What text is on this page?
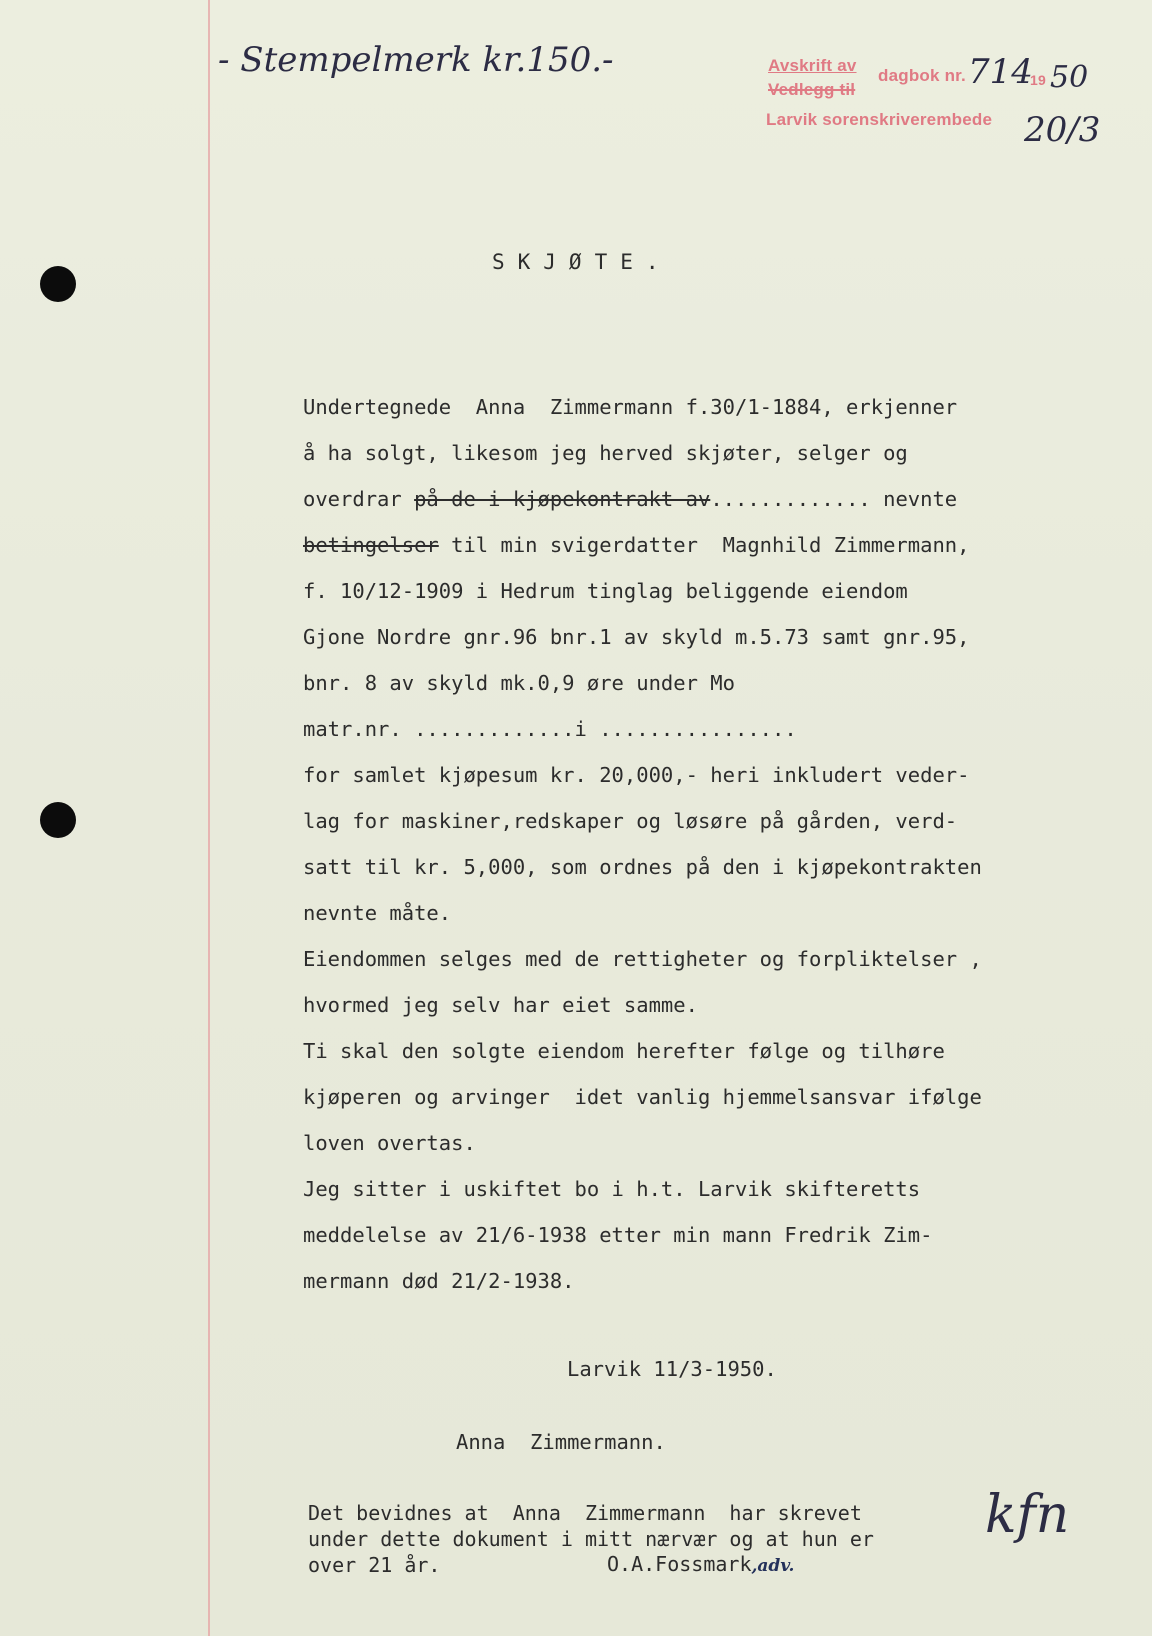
- Stempelmerk kr.150.-	Avskrift av
Vedlegg til
dagbok nr. 714
19 50
Larvik sorenskriverembede 20/3
SKJØTE.
Undertegnede  Anna  Zimmermann f.30/1-1884, erkjenner
å ha solgt, likesom jeg herved skjøter, selger og
overdrar på de i kjøpekontrakt av............. nevnte
betingelser til min svigerdatter  Magnhild Zimmermann,
f. 10/12-1909 i Hedrum tinglag beliggende eiendom
Gjone Nordre gnr.96 bnr.1 av skyld m.5.73 samt gnr.95,
bnr. 8 av skyld mk.0,9 øre under Mo
matr.nr. .............i ................
for samlet kjøpesum kr. 20,000,- heri inkludert veder-
lag for maskiner,redskaper og løsøre på gården, verd-
satt til kr. 5,000, som ordnes på den i kjøpekontrakten
nevnte måte.
Eiendommen selges med de rettigheter og forpliktelser ,
hvormed jeg selv har eiet samme.
Ti skal den solgte eiendom herefter følge og tilhøre
kjøperen og arvinger  idet vanlig hjemmelsansvar ifølge
loven overtas.
Jeg sitter i uskiftet bo i h.t. Larvik skifteretts
meddelelse av 21/6-1938 etter min mann Fredrik Zim-
mermann død 21/2-1938.
Larvik 11/3-1950.
Anna  Zimmermann.
Det bevidnes at  Anna  Zimmermann  har skrevet
under dette dokument i mitt nærvær og at hun er
over 21 år.	O.A.Fossmark,adv.
kfn
